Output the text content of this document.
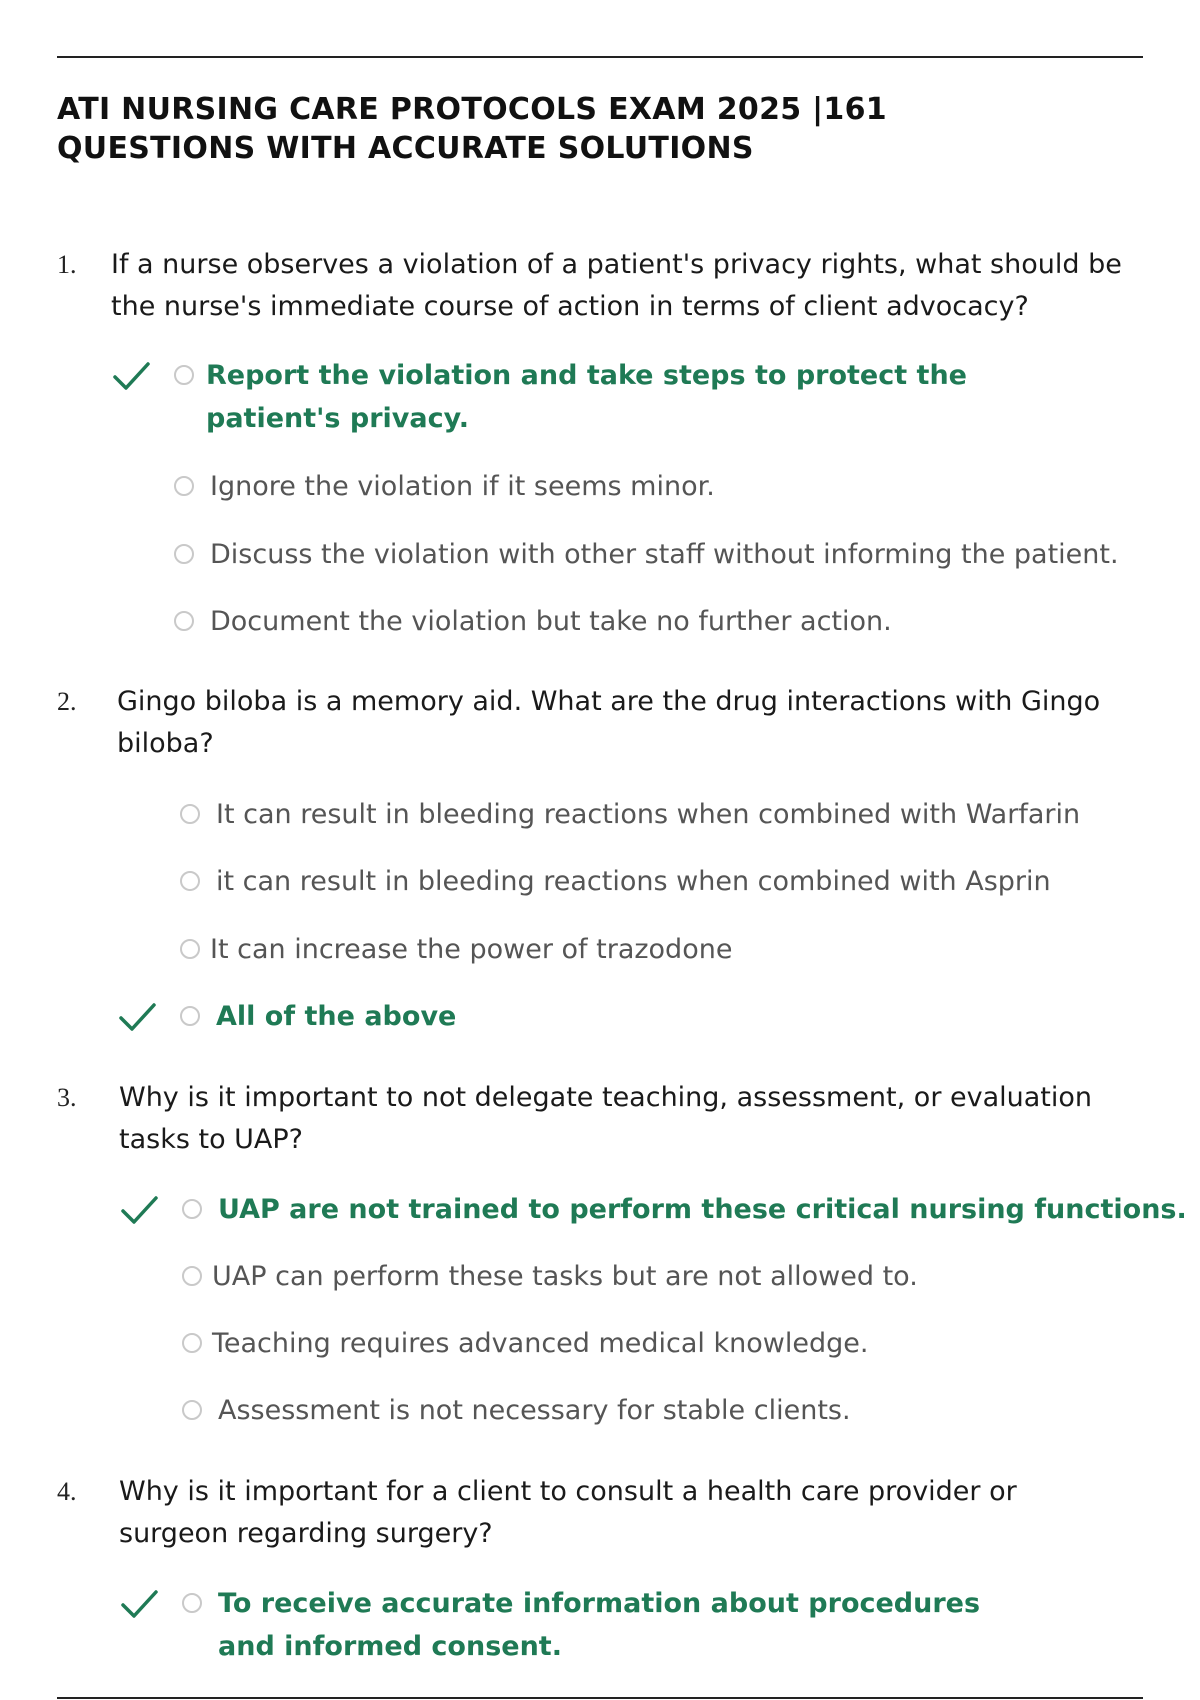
ATI NURSING CARE PROTOCOLS EXAM 2025 |161
QUESTIONS WITH ACCURATE SOLUTIONS
1. If a nurse observes a violation of a patient's privacy rights, what should be the nurse's immediate course of action in terms of client advocacy?
Report the violation and take steps to protect the patient's privacy.
Ignore the violation if it seems minor.
Discuss the violation with other staff without informing the patient.
Document the violation but take no further action.
2. Gingo biloba is a memory aid. What are the drug interactions with Gingo biloba?
It can result in bleeding reactions when combined with Warfarin
it can result in bleeding reactions when combined with Asprin
It can increase the power of trazodone
All of the above
3. Why is it important to not delegate teaching, assessment, or evaluation tasks to UAP?
UAP are not trained to perform these critical nursing functions.
UAP can perform these tasks but are not allowed to.
Teaching requires advanced medical knowledge.
Assessment is not necessary for stable clients.
4. Why is it important for a client to consult a health care provider or surgeon regarding surgery?
To receive accurate information about procedures and informed consent.
